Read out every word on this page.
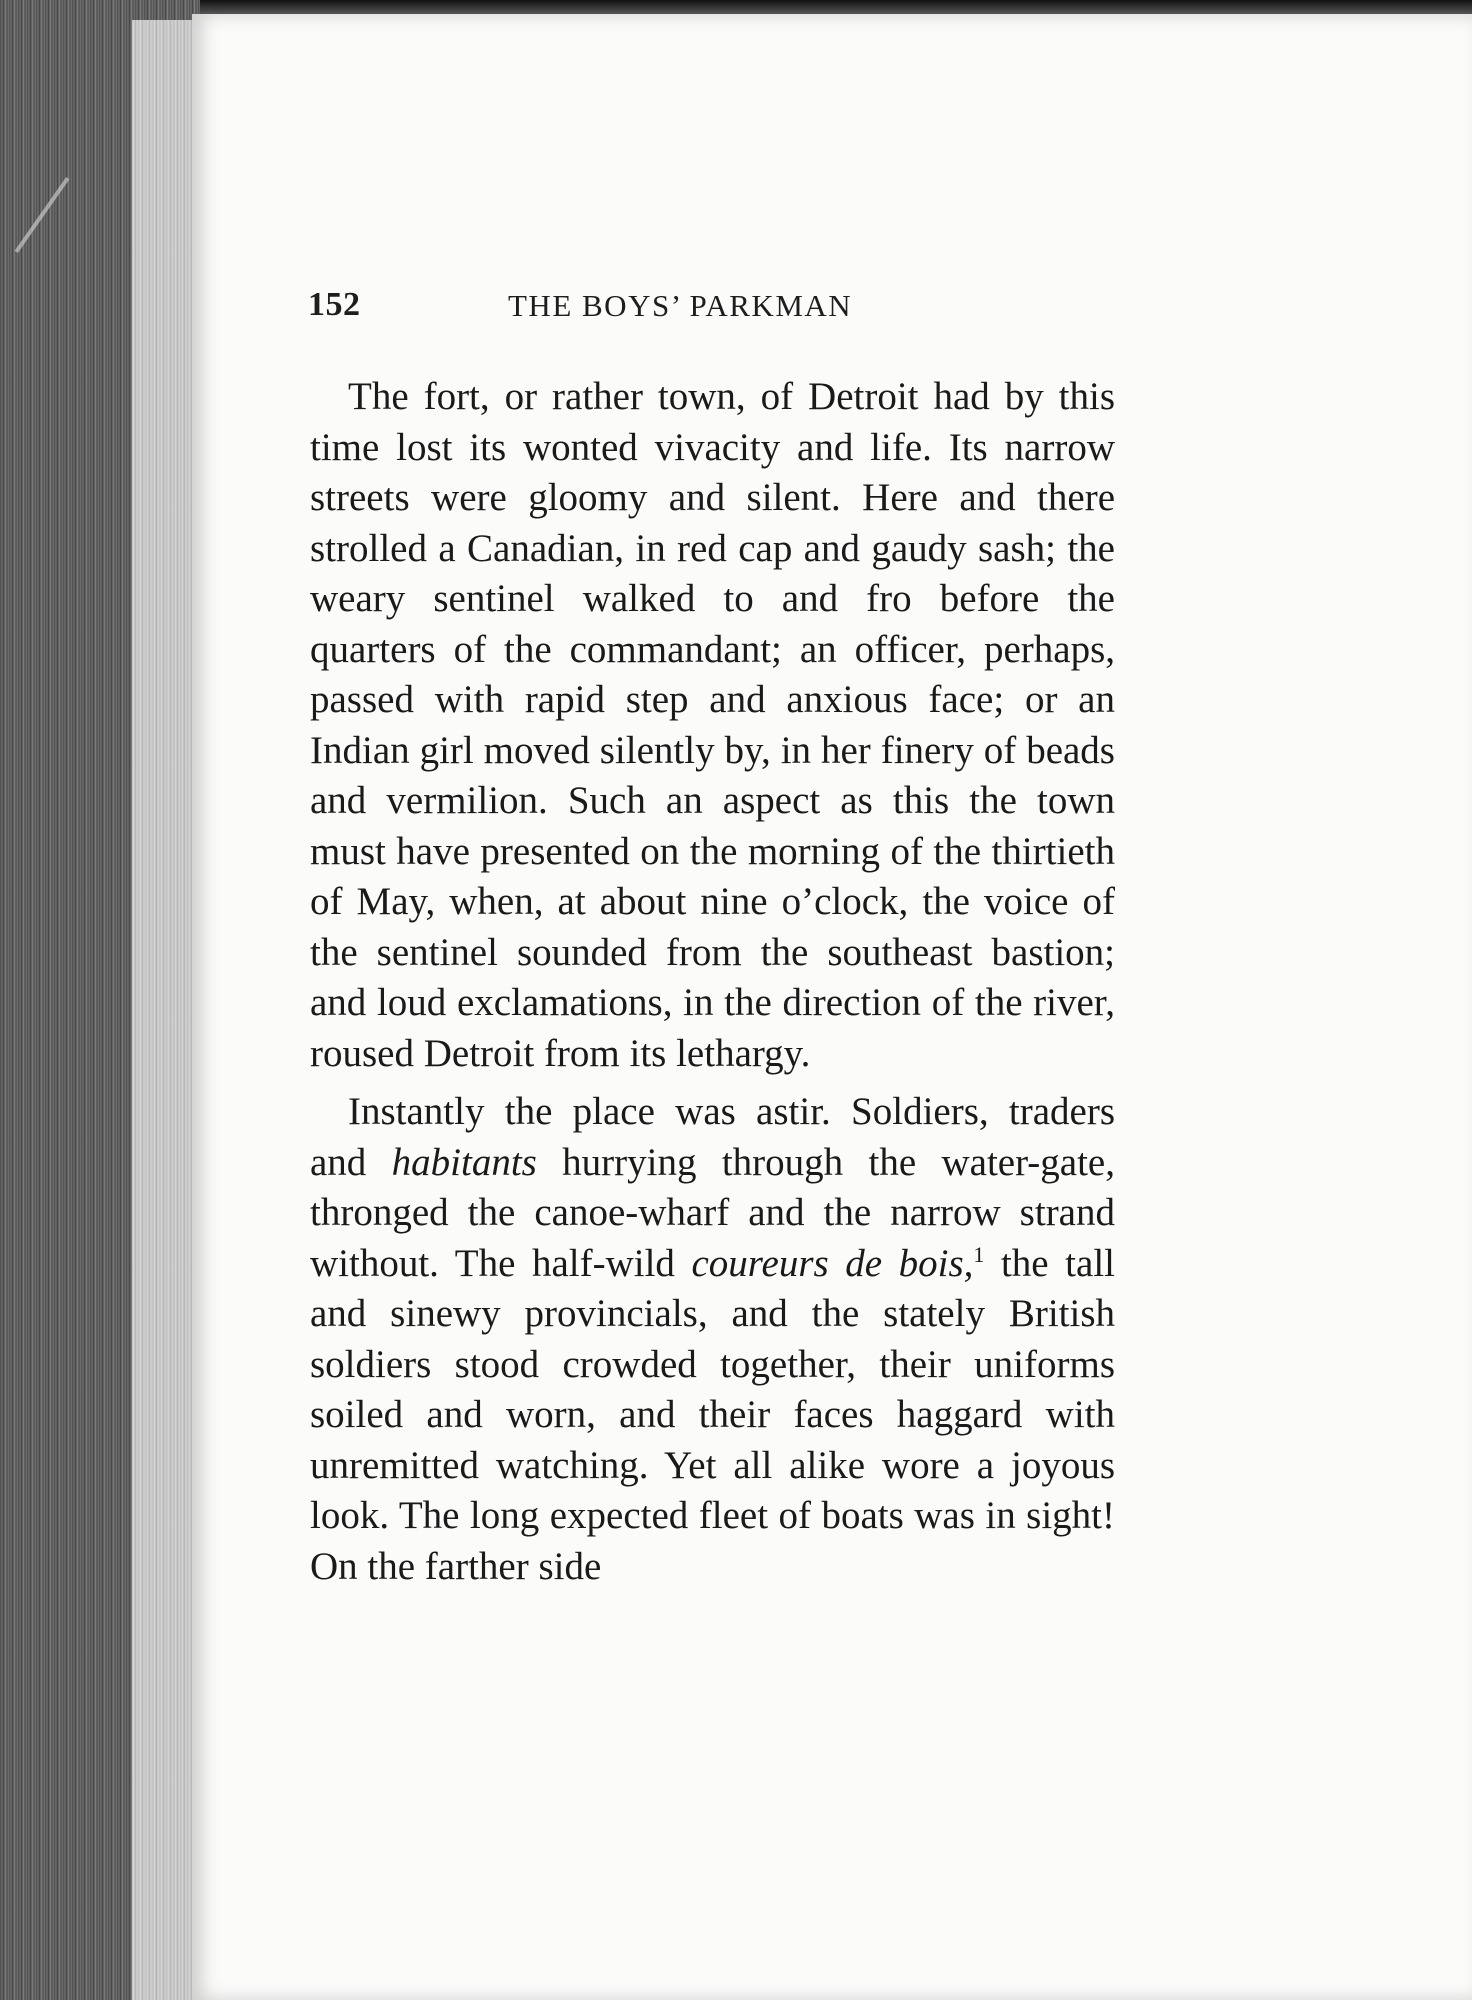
152	THE BOYS’ PARKMAN

The fort, or rather town, of Detroit had by this time lost its wonted vivacity and life. Its narrow streets were gloomy and silent. Here and there strolled a Canadian, in red cap and gaudy sash; the weary sentinel walked to and fro before the quarters of the commandant; an officer, perhaps, passed with rapid step and anxious face; or an Indian girl moved silently by, in her finery of beads and vermilion. Such an aspect as this the town must have presented on the morning of the thirtieth of May, when, at about nine o’clock, the voice of the sentinel sounded from the southeast bastion; and loud exclamations, in the direction of the river, roused Detroit from its lethargy.

Instantly the place was astir. Soldiers, traders and habitants hurrying through the water-gate, thronged the canoe-wharf and the narrow strand without. The half-wild coureurs de bois,$^1$ the tall and sinewy provincials, and the stately British soldiers stood crowded together, their uniforms soiled and worn, and their faces haggard with unremitted watching. Yet all alike wore a joyous look. The long expected fleet of boats was in sight! On the farther side
